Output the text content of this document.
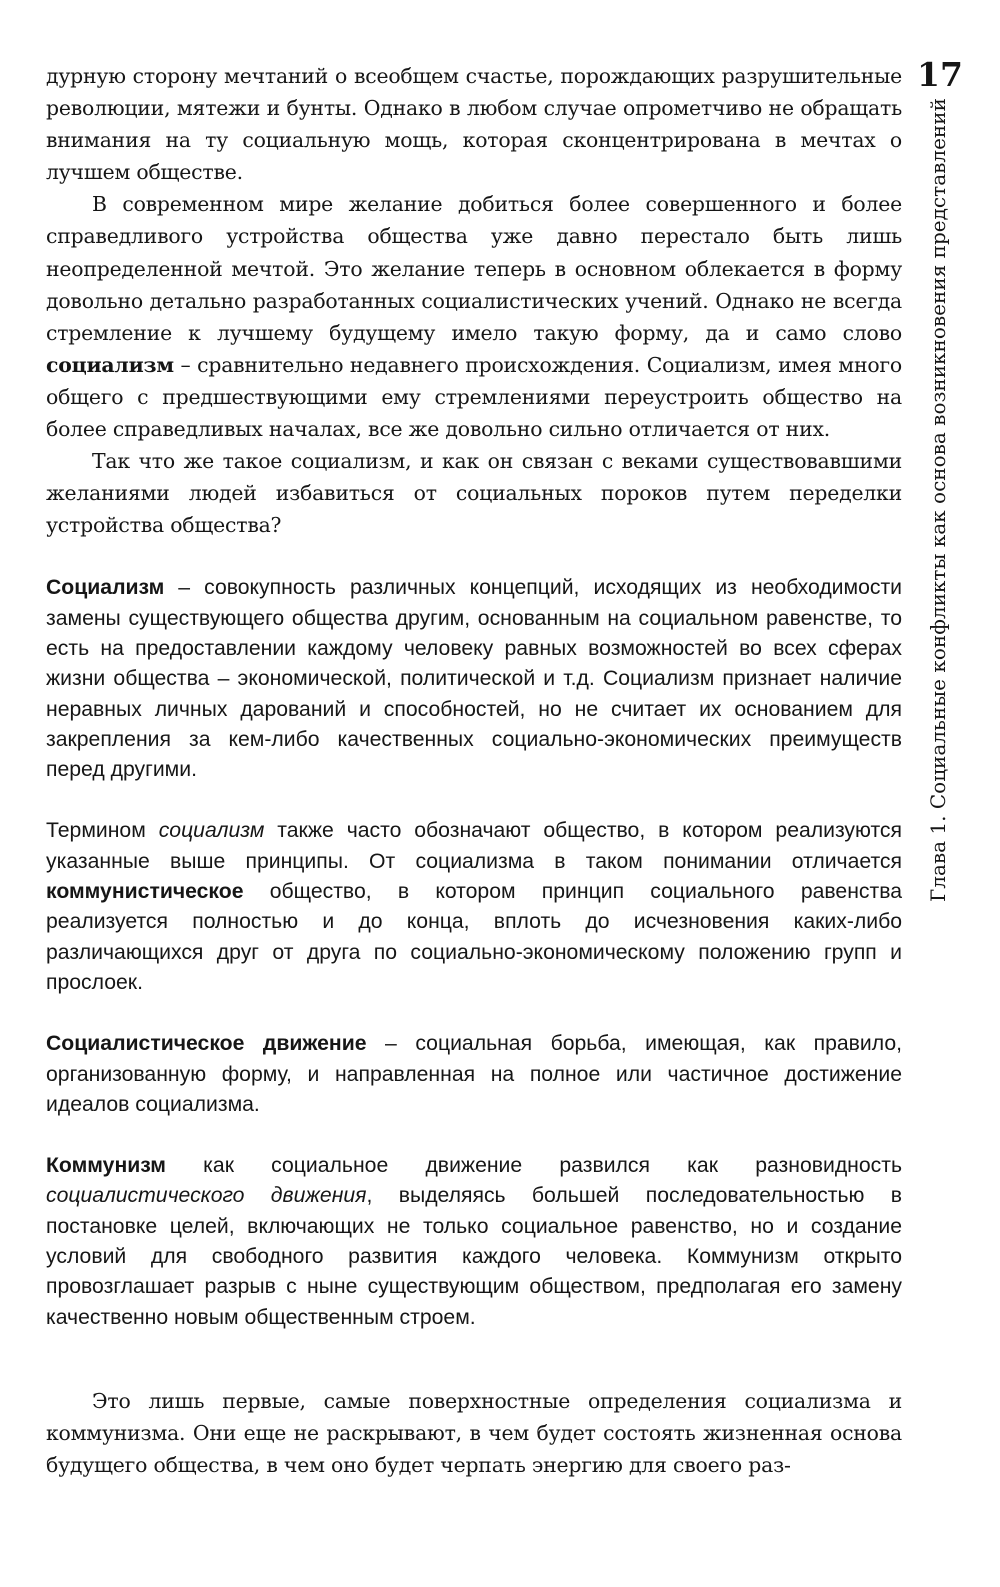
17
Глава 1. Социальные конфликты как основа возникновения представлений

дурную сторону мечтаний о всеобщем счастье, порождающих разрушительные революции, мятежи и бунты. Однако в любом случае опрометчиво не обращать внимания на ту социальную мощь, которая сконцентрирована в мечтах о лучшем обществе.

В современном мире желание добиться более совершенного и более справедливого устройства общества уже давно перестало быть лишь неопределенной мечтой. Это желание теперь в основном облекается в форму довольно детально разработанных социалистических учений. Однако не всегда стремление к лучшему будущему имело такую форму, да и само слово социализм – сравнительно недавнего происхождения. Социализм, имея много общего с предшествующими ему стремлениями переустроить общество на более справедливых началах, все же довольно сильно отличается от них.

Так что же такое социализм, и как он связан с веками существовавшими желаниями людей избавиться от социальных пороков путем переделки устройства общества?

Социализм – совокупность различных концепций, исходящих из необходимости замены существующего общества другим, основанным на социальном равенстве, то есть на предоставлении каждому человеку равных возможностей во всех сферах жизни общества – экономической, политической и т.д. Социализм признает наличие неравных личных дарований и способностей, но не считает их основанием для закрепления за кем-либо качественных социально-экономических преимуществ перед другими.

Термином социализм также часто обозначают общество, в котором реализуются указанные выше принципы. От социализма в таком понимании отличается коммунистическое общество, в котором принцип социального равенства реализуется полностью и до конца, вплоть до исчезновения каких-либо различающихся друг от друга по социально-экономическому положению групп и прослоек.

Социалистическое движение – социальная борьба, имеющая, как правило, организованную форму, и направленная на полное или частичное достижение идеалов социализма.

Коммунизм как социальное движение развился как разновидность социалистического движения, выделяясь большей последовательностью в постановке целей, включающих не только социальное равенство, но и создание условий для свободного развития каждого человека. Коммунизм открыто провозглашает разрыв с ныне существующим обществом, предполагая его замену качественно новым общественным строем.

Это лишь первые, самые поверхностные определения социализма и коммунизма. Они еще не раскрывают, в чем будет состоять жизненная основа будущего общества, в чем оно будет черпать энергию для своего раз-
